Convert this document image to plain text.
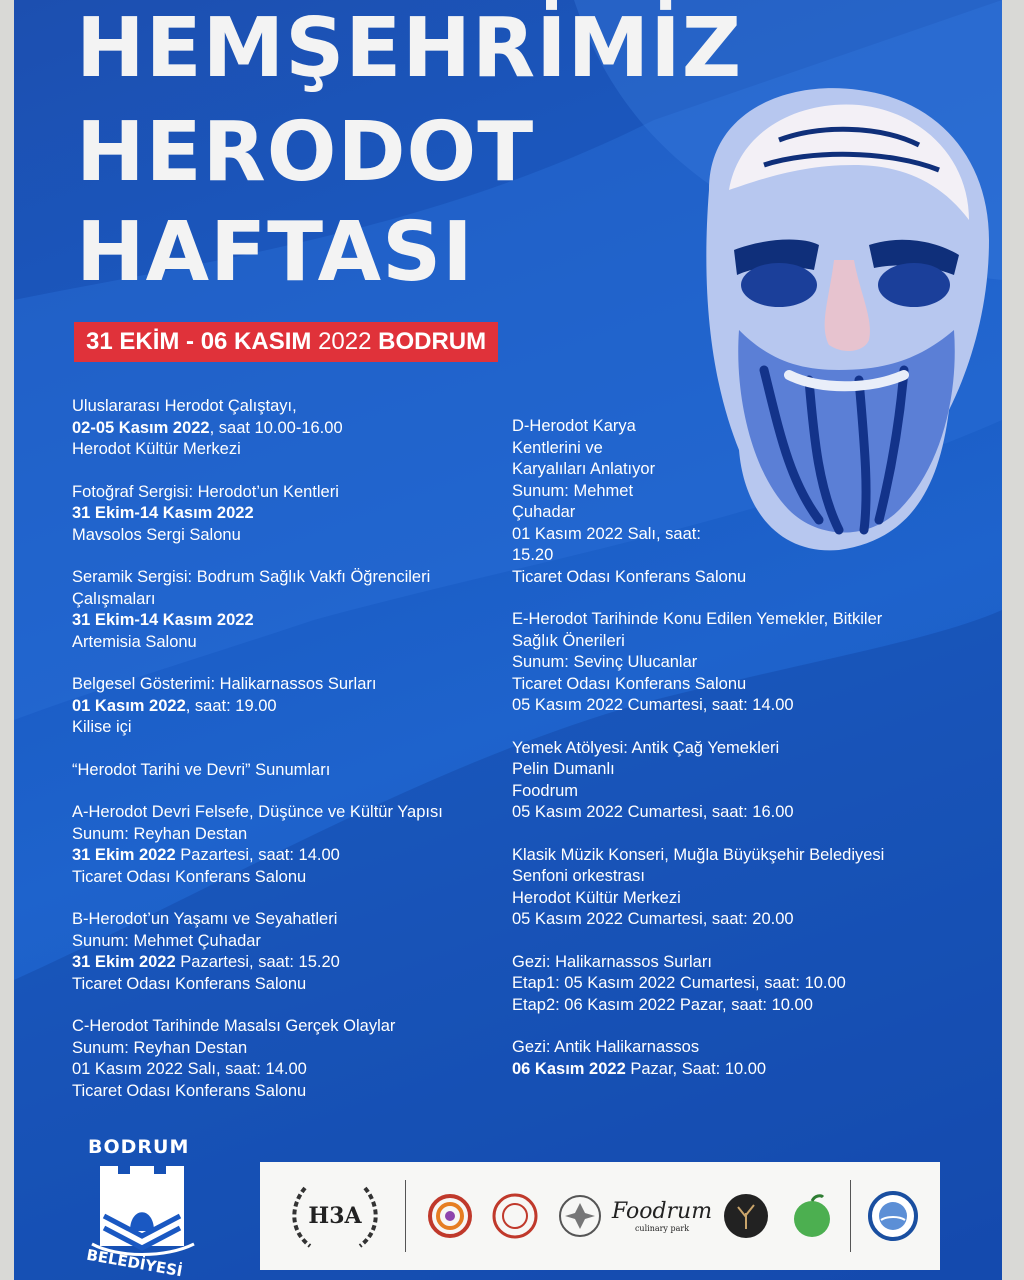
HEMŞEHRİMİZ
HERODOT
HAFTASI
31 EKİM - 06 KASIM
2022
BODRUM
Uluslararası Herodot Çalıştayı,
02-05 Kasım 2022, saat 10.00-16.00
Herodot Kültür Merkezi
Fotoğraf Sergisi: Herodot’un Kentleri
31 Ekim-14 Kasım 2022
Mavsolos Sergi Salonu
Seramik Sergisi: Bodrum Sağlık Vakfı Öğrencileri
Çalışmaları
31 Ekim-14 Kasım 2022
Artemisia Salonu
Belgesel Gösterimi: Halikarnassos Surları
01 Kasım 2022, saat: 19.00
Kilise içi
“Herodot Tarihi ve Devri” Sunumları
A-Herodot Devri Felsefe, Düşünce ve Kültür Yapısı
Sunum: Reyhan Destan
31 Ekim 2022 Pazartesi, saat: 14.00
Ticaret Odası Konferans Salonu
B-Herodot’un Yaşamı ve Seyahatleri
Sunum: Mehmet Çuhadar
31 Ekim 2022 Pazartesi, saat: 15.20
Ticaret Odası Konferans Salonu
C-Herodot Tarihinde Masalsı Gerçek Olaylar
Sunum: Reyhan Destan
01 Kasım 2022 Salı, saat: 14.00
Ticaret Odası Konferans Salonu
D-Herodot Karya
Kentlerini ve
Karyalıları Anlatıyor
Sunum: Mehmet
Çuhadar
01 Kasım 2022 Salı, saat:
15.20
Ticaret Odası Konferans Salonu
E-Herodot Tarihinde Konu Edilen Yemekler, Bitkiler
Sağlık Önerileri
Sunum: Sevinç Ulucanlar
Ticaret Odası Konferans Salonu
05 Kasım 2022 Cumartesi, saat: 14.00
Yemek Atölyesi: Antik Çağ Yemekleri
Pelin Dumanlı
Foodrum
05 Kasım 2022 Cumartesi, saat: 16.00
Klasik Müzik Konseri, Muğla Büyükşehir Belediyesi
Senfoni orkestrası
Herodot Kültür Merkezi
05 Kasım 2022 Cumartesi, saat: 20.00
Gezi: Halikarnassos Surları
Etap1: 05 Kasım 2022 Cumartesi, saat: 10.00
Etap2: 06 Kasım 2022 Pazar, saat: 10.00
Gezi: Antik Halikarnassos
06 Kasım 2022 Pazar, Saat: 10.00
BODRUM
BELEDİYESİ
H3A	Foodrum
culinary park
